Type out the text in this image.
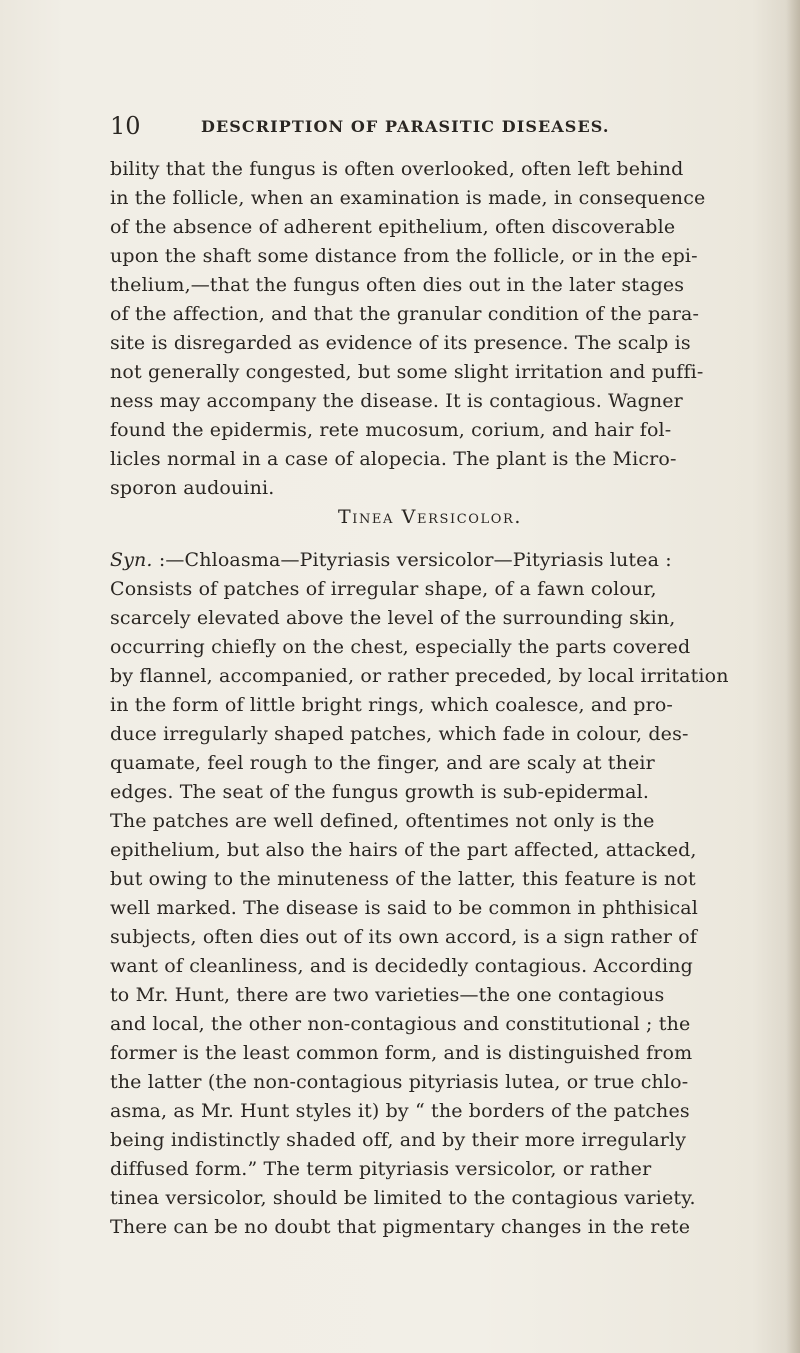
10	DESCRIPTION OF PARASITIC DISEASES.
bility that the fungus is often overlooked, often left behind
in the follicle, when an examination is made, in consequence
of the absence of adherent epithelium, often discoverable
upon the shaft some distance from the follicle, or in the epi-
thelium,—that the fungus often dies out in the later stages
of the affection, and that the granular condition of the para-
site is disregarded as evidence of its presence. The scalp is
not generally congested, but some slight irritation and puffi-
ness may accompany the disease. It is contagious. Wagner
found the epidermis, rete mucosum, corium, and hair fol-
licles normal in a case of alopecia. The plant is the Micro-
sporon audouini.
Tinea Versicolor.
Syn. :—Chloasma—Pityriasis versicolor—Pityriasis lutea :
Consists of patches of irregular shape, of a fawn colour,
scarcely elevated above the level of the surrounding skin,
occurring chiefly on the chest, especially the parts covered
by flannel, accompanied, or rather preceded, by local irritation
in the form of little bright rings, which coalesce, and pro-
duce irregularly shaped patches, which fade in colour, des-
quamate, feel rough to the finger, and are scaly at their
edges. The seat of the fungus growth is sub-epidermal.
The patches are well defined, oftentimes not only is the
epithelium, but also the hairs of the part affected, attacked,
but owing to the minuteness of the latter, this feature is not
well marked. The disease is said to be common in phthisical
subjects, often dies out of its own accord, is a sign rather of
want of cleanliness, and is decidedly contagious. According
to Mr. Hunt, there are two varieties—the one contagious
and local, the other non-contagious and constitutional ; the
former is the least common form, and is distinguished from
the latter (the non-contagious pityriasis lutea, or true chlo-
asma, as Mr. Hunt styles it) by “ the borders of the patches
being indistinctly shaded off, and by their more irregularly
diffused form.” The term pityriasis versicolor, or rather
tinea versicolor, should be limited to the contagious variety.
There can be no doubt that pigmentary changes in the rete
